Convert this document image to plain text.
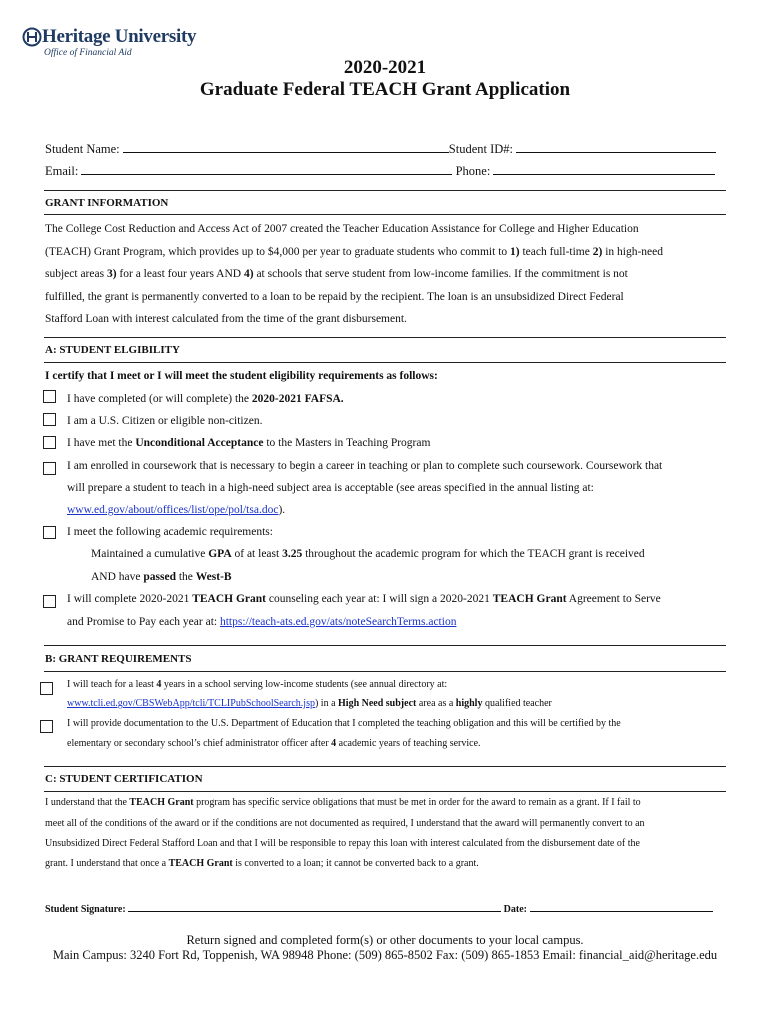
Heritage University
Office of Financial Aid
2020-2021
Graduate Federal TEACH Grant Application
Student Name:	Student ID#:
Email:	Phone:
GRANT INFORMATION
The College Cost Reduction and Access Act of 2007 created the Teacher Education Assistance for College and Higher Education
(TEACH) Grant Program, which provides up to $4,000 per year to graduate students who commit to 1) teach full-time 2) in high-need
subject areas 3) for a least four years AND 4) at schools that serve student from low-income families. If the commitment is not
fulfilled, the grant is permanently converted to a loan to be repaid by the recipient. The loan is an unsubsidized Direct Federal
Stafford Loan with interest calculated from the time of the grant disbursement.
A: STUDENT ELGIBILITY
I certify that I meet or I will meet the student eligibility requirements as follows:
I have completed (or will complete) the 2020-2021 FAFSA.
I am a U.S. Citizen or eligible non-citizen.
I have met the Unconditional Acceptance to the Masters in Teaching Program
I am enrolled in coursework that is necessary to begin a career in teaching or plan to complete such coursework. Coursework that
will prepare a student to teach in a high-need subject area is acceptable (see areas specified in the annual listing at:
www.ed.gov/about/offices/list/ope/pol/tsa.doc).
I meet the following academic requirements:
Maintained a cumulative GPA of at least 3.25 throughout the academic program for which the TEACH grant is received
AND have passed the West-B
I will complete 2020-2021 TEACH Grant counseling each year at: I will sign a 2020-2021 TEACH Grant Agreement to Serve
and Promise to Pay each year at: https://teach-ats.ed.gov/ats/noteSearchTerms.action
B: GRANT REQUIREMENTS
I will teach for a least 4 years in a school serving low-income students (see annual directory at:
www.tcli.ed.gov/CBSWebApp/tcli/TCLIPubSchoolSearch.jsp) in a High Need subject area as a highly qualified teacher
I will provide documentation to the U.S. Department of Education that I completed the teaching obligation and this will be certified by the
elementary or secondary school’s chief administrator officer after 4 academic years of teaching service.
C: STUDENT CERTIFICATION
I understand that the TEACH Grant program has specific service obligations that must be met in order for the award to remain as a grant. If I fail to
meet all of the conditions of the award or if the conditions are not documented as required, I understand that the award will permanently convert to an
Unsubsidized Direct Federal Stafford Loan and that I will be responsible to repay this loan with interest calculated from the disbursement date of the
grant. I understand that once a TEACH Grant is converted to a loan; it cannot be converted back to a grant.
Student Signature:	Date:
Return signed and completed form(s) or other documents to your local campus.
Main Campus: 3240 Fort Rd, Toppenish, WA 98948 Phone: (509) 865-8502 Fax: (509) 865-1853 Email: financial_aid@heritage.edu
